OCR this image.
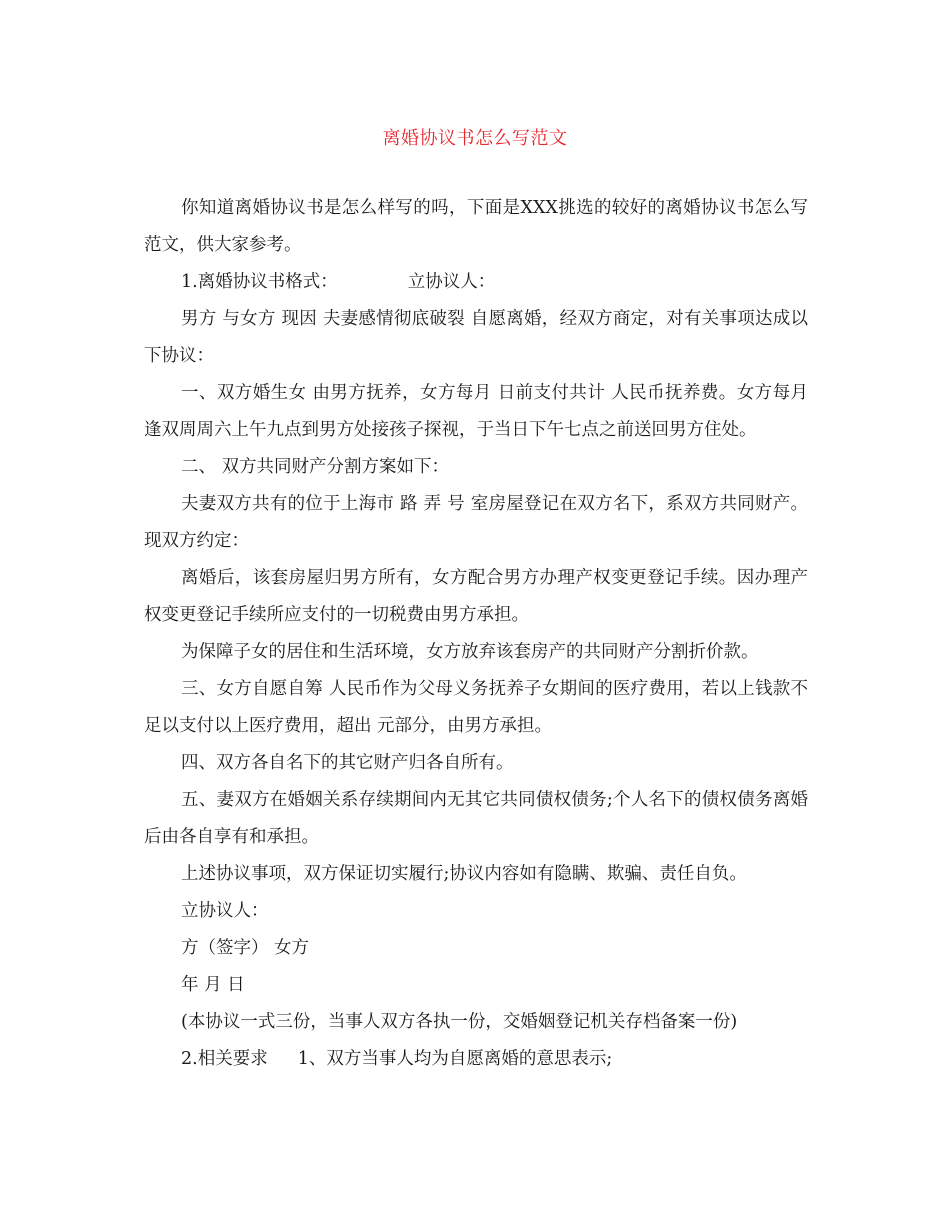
离婚协议书怎么写范文

你知道离婚协议书是怎么样写的吗，下面是XXX挑选的较好的离婚协议书怎么写范文，供大家参考。

1.离婚协议书格式：	立协议人：

男方 与女方 现因 夫妻感情彻底破裂 自愿离婚，经双方商定，对有关事项达成以下协议：

一、双方婚生女 由男方抚养，女方每月 日前支付共计 人民币抚养费。女方每月逢双周周六上午九点到男方处接孩子探视，于当日下午七点之前送回男方住处。

二、 双方共同财产分割方案如下：

夫妻双方共有的位于上海市 路 弄 号 室房屋登记在双方名下，系双方共同财产。现双方约定：

离婚后，该套房屋归男方所有，女方配合男方办理产权变更登记手续。因办理产权变更登记手续所应支付的一切税费由男方承担。

为保障子女的居住和生活环境，女方放弃该套房产的共同财产分割折价款。

三、女方自愿自筹 人民币作为父母义务抚养子女期间的医疗费用，若以上钱款不足以支付以上医疗费用，超出 元部分，由男方承担。

四、双方各自名下的其它财产归各自所有。

五、妻双方在婚姻关系存续期间内无其它共同债权债务;个人名下的债权债务离婚后由各自享有和承担。

上述协议事项，双方保证切实履行;协议内容如有隐瞒、欺骗、责任自负。

立协议人：

方（签字） 女方

年 月 日

(本协议一式三份，当事人双方各执一份，交婚姻登记机关存档备案一份)

2.相关要求 1、双方当事人均为自愿离婚的意思表示;
